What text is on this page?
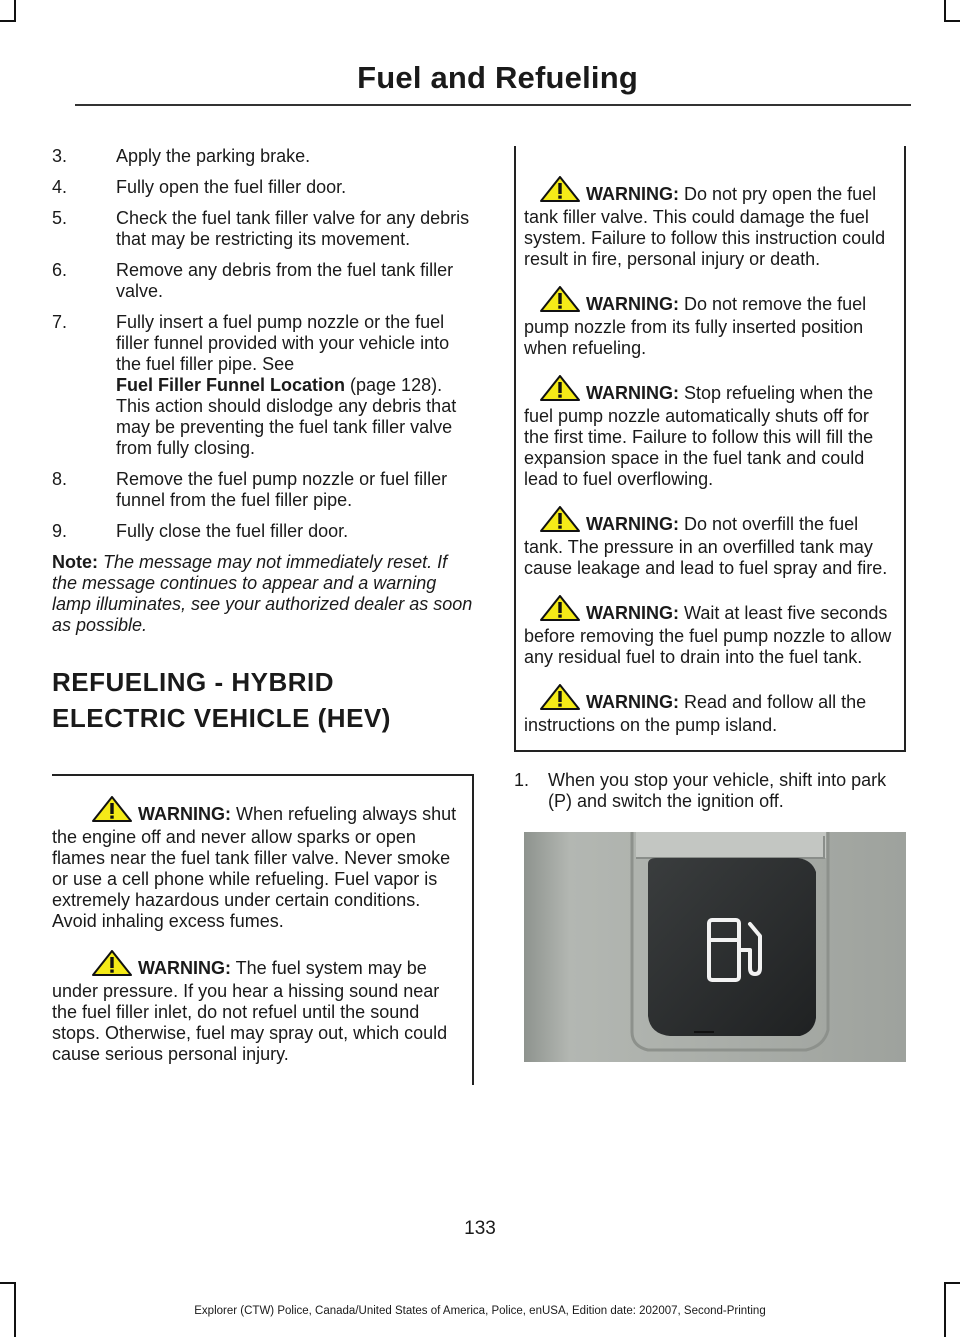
Fuel and Refueling
3.	Apply the parking brake.
4.	Fully open the fuel filler door.
5.	Check the fuel tank filler valve for any debris that may be restricting its movement.
6.	Remove any debris from the fuel tank filler valve.
7.	Fully insert a fuel pump nozzle or the fuel filler funnel provided with your vehicle into the fuel filler pipe. See
Fuel Filler Funnel Location (page 128). This action should dislodge any debris that may be preventing the fuel tank filler valve from fully closing.
8.	Remove the fuel pump nozzle or fuel filler funnel from the fuel filler pipe.
9.	Fully close the fuel filler door.
Note: The message may not immediately reset. If the message continues to appear and a warning lamp illuminates, see your authorized dealer as soon as possible.
REFUELING - HYBRID
ELECTRIC VEHICLE (HEV)
WARNING: When refueling always shut the engine off and never allow sparks or open flames near the fuel tank filler valve. Never smoke or use a cell phone while refueling. Fuel vapor is extremely hazardous under certain conditions. Avoid inhaling excess fumes.
WARNING: The fuel system may be under pressure. If you hear a hissing sound near the fuel filler inlet, do not refuel until the sound stops. Otherwise, fuel may spray out, which could cause serious personal injury.
WARNING: Do not pry open the fuel tank filler valve. This could damage the fuel system. Failure to follow this instruction could result in fire, personal injury or death.
WARNING: Do not remove the fuel pump nozzle from its fully inserted position when refueling.
WARNING: Stop refueling when the fuel pump nozzle automatically shuts off for the first time. Failure to follow this will fill the expansion space in the fuel tank and could lead to fuel overflowing.
WARNING: Do not overfill the fuel tank. The pressure in an overfilled tank may cause leakage and lead to fuel spray and fire.
WARNING: Wait at least five seconds before removing the fuel pump nozzle to allow any residual fuel to drain into the fuel tank.
WARNING: Read and follow all the instructions on the pump island.
1. When you stop your vehicle, shift into park (P) and switch the ignition off.
133
Explorer (CTW) Police, Canada/United States of America, Police, enUSA, Edition date: 202007, Second-Printing
